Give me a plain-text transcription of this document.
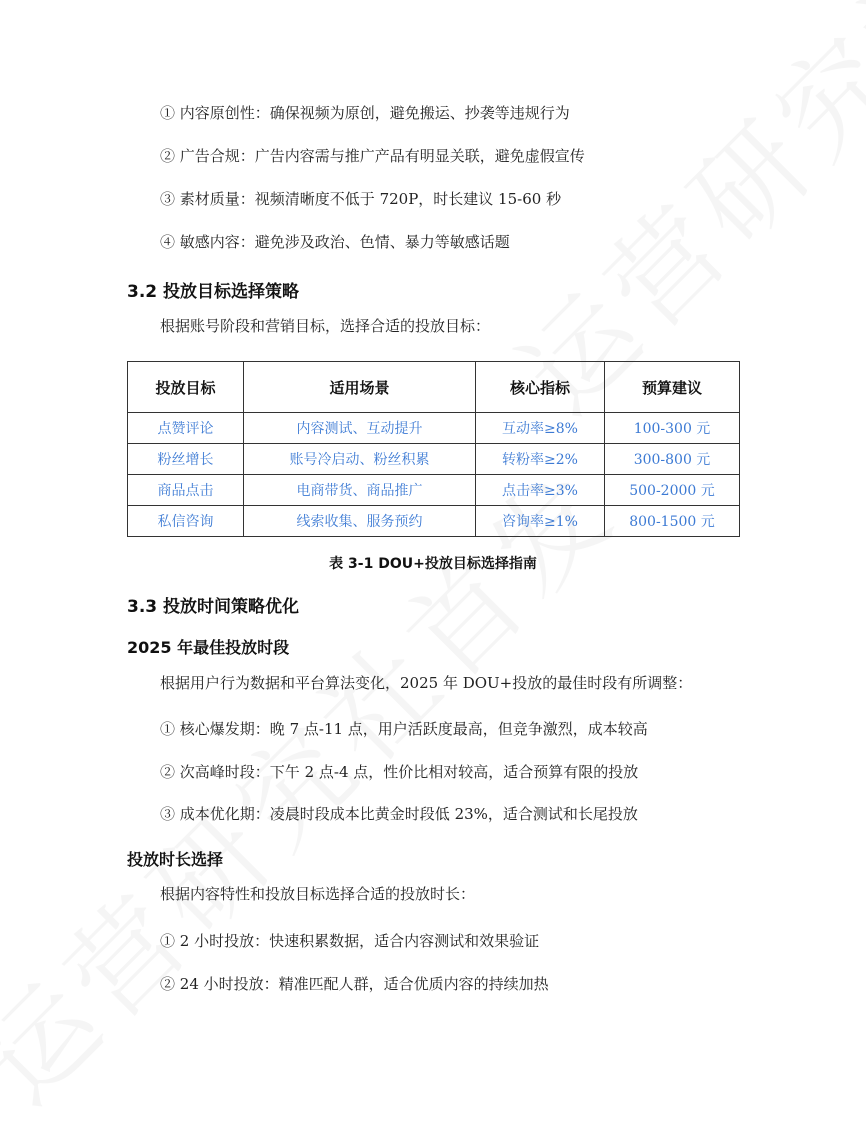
① 内容原创性：确保视频为原创，避免搬运、抄袭等违规行为
② 广告合规：广告内容需与推广产品有明显关联，避免虚假宣传
③ 素材质量：视频清晰度不低于 720P，时长建议 15-60 秒
④ 敏感内容：避免涉及政治、色情、暴力等敏感话题
3.2 投放目标选择策略
根据账号阶段和营销目标，选择合适的投放目标：
投放目标	适用场景	核心指标	预算建议
点赞评论	内容测试、互动提升	互动率≥8%	100-300 元
粉丝增长	账号冷启动、粉丝积累	转粉率≥2%	300-800 元
商品点击	电商带货、商品推广	点击率≥3%	500-2000 元
私信咨询	线索收集、服务预约	咨询率≥1%	800-1500 元
表 3-1 DOU+投放目标选择指南
3.3 投放时间策略优化
2025 年最佳投放时段
根据用户行为数据和平台算法变化，2025 年 DOU+投放的最佳时段有所调整：
① 核心爆发期：晚 7 点-11 点，用户活跃度最高，但竞争激烈，成本较高
② 次高峰时段：下午 2 点-4 点，性价比相对较高，适合预算有限的投放
③ 成本优化期：凌晨时段成本比黄金时段低 23%，适合测试和长尾投放
投放时长选择
根据内容特性和投放目标选择合适的投放时长：
① 2 小时投放：快速积累数据，适合内容测试和效果验证
② 24 小时投放：精准匹配人群，适合优质内容的持续加热
